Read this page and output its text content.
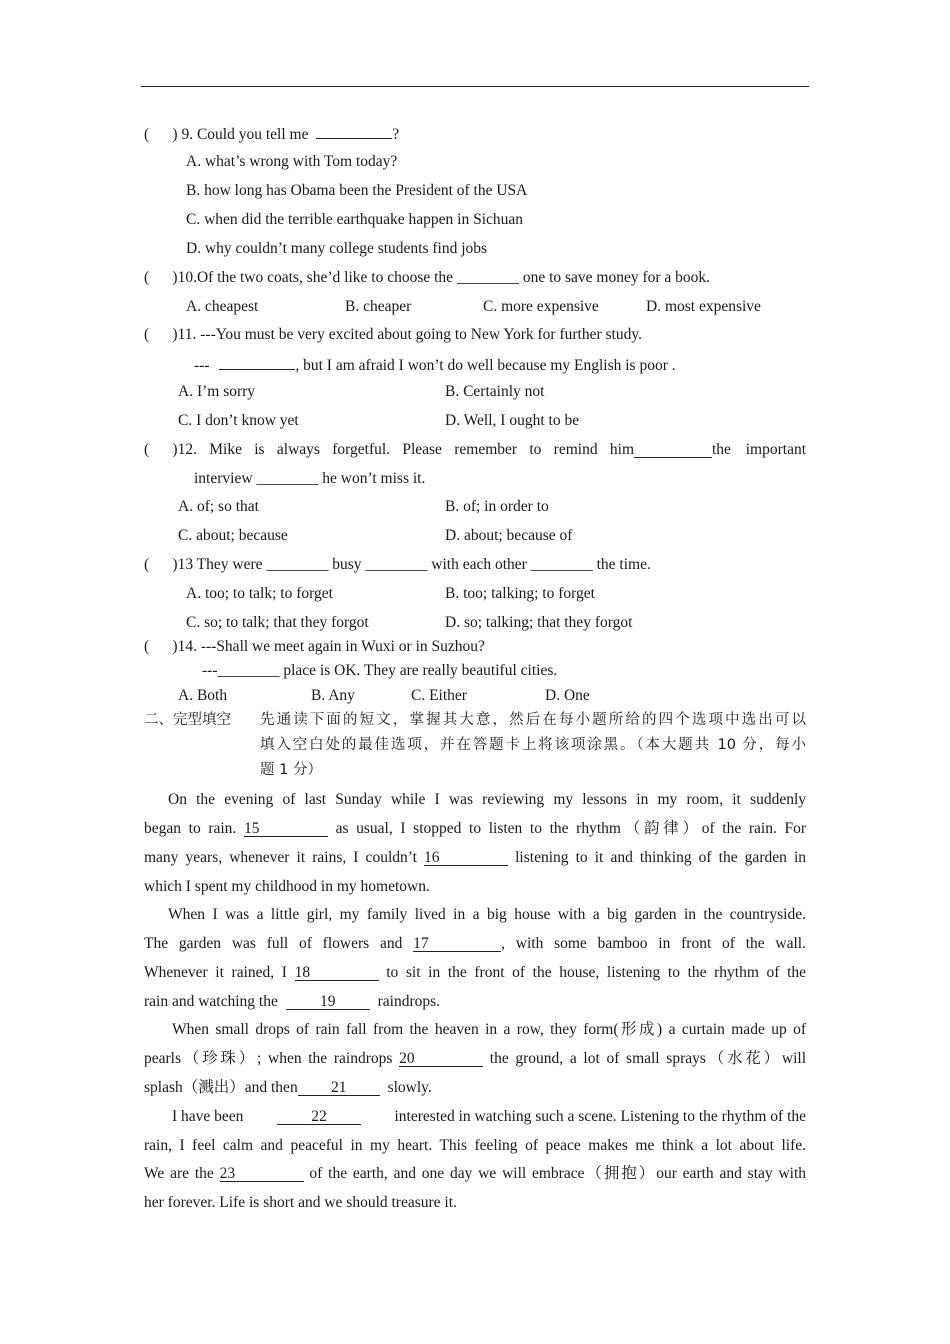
(      ) 9. Could you tell me	?
A. what’s wrong with Tom today?
B. how long has Obama been the President of the USA
C. when did the terrible earthquake happen in Sichuan
D. why couldn’t many college students find jobs
(      )10.Of the two coats, she’d like to choose the ________ one to save money for a book.
A. cheapest	B. cheaper	C. more expensive	D. most expensive
(      )11. ---You must be very excited about going to New York for further study.
---	, but I am afraid I won’t do well because my English is poor .
A. I’m sorry	B. Certainly not
C. I don’t know yet	D. Well, I ought to be
(      ) 12. Mike is always forgetful. Please remember to remind him	the important
interview ________ he won’t miss it.
A. of; so that	B. of; in order to
C. about; because	D. about; because of
(      )13 They were ________ busy ________ with each other ________ the time.
A. too; to talk; to forget	B. too; talking; to forget
C. so; to talk; that they forgot	D. so; talking; that they forgot
(      )14. ---Shall we meet again in Wuxi or in Suzhou?
---________ place is OK. They are really beautiful cities.
A. Both	B. Any	C. Either	D. One
二、完型填空 先通读下面的短文，掌握其大意，然后在每小题所给的四个选项中选出可以
填入空白处的最佳选项，并在答题卡上将该项涂黑。（本大题共 10 分，每小
题 1 分）
On the evening of last Sunday while I was reviewing my lessons in my room, it suddenly
began to rain. 15	as usual, I stopped to listen to the rhythm（韵律）of the rain. For
many years, whenever it rains, I couldn’t 16	listening to it and thinking of the garden in
which I spent my childhood in my hometown.
When I was a little girl, my family lived in a big house with a big garden in the countryside.
The garden was full of flowers and 17	, with some bamboo in front of the wall.
Whenever it rained, I 18	to sit in the front of the house, listening to the rhythm of the
rain and watching the	19	raindrops.
When small drops of rain fall from the heaven in a row, they form(形成) a curtain made up of
pearls（珍珠）; when the raindrops 20	the ground, a lot of small sprays（水花）will
splash（溅出）and then 21	slowly.
I have been	22	interested in watching such a scene. Listening to the rhythm of the
rain, I feel calm and peaceful in my heart. This feeling of peace makes me think a lot about life.
We are the 23	of the earth, and one day we will embrace（拥抱）our earth and stay with
her forever. Life is short and we should treasure it.
